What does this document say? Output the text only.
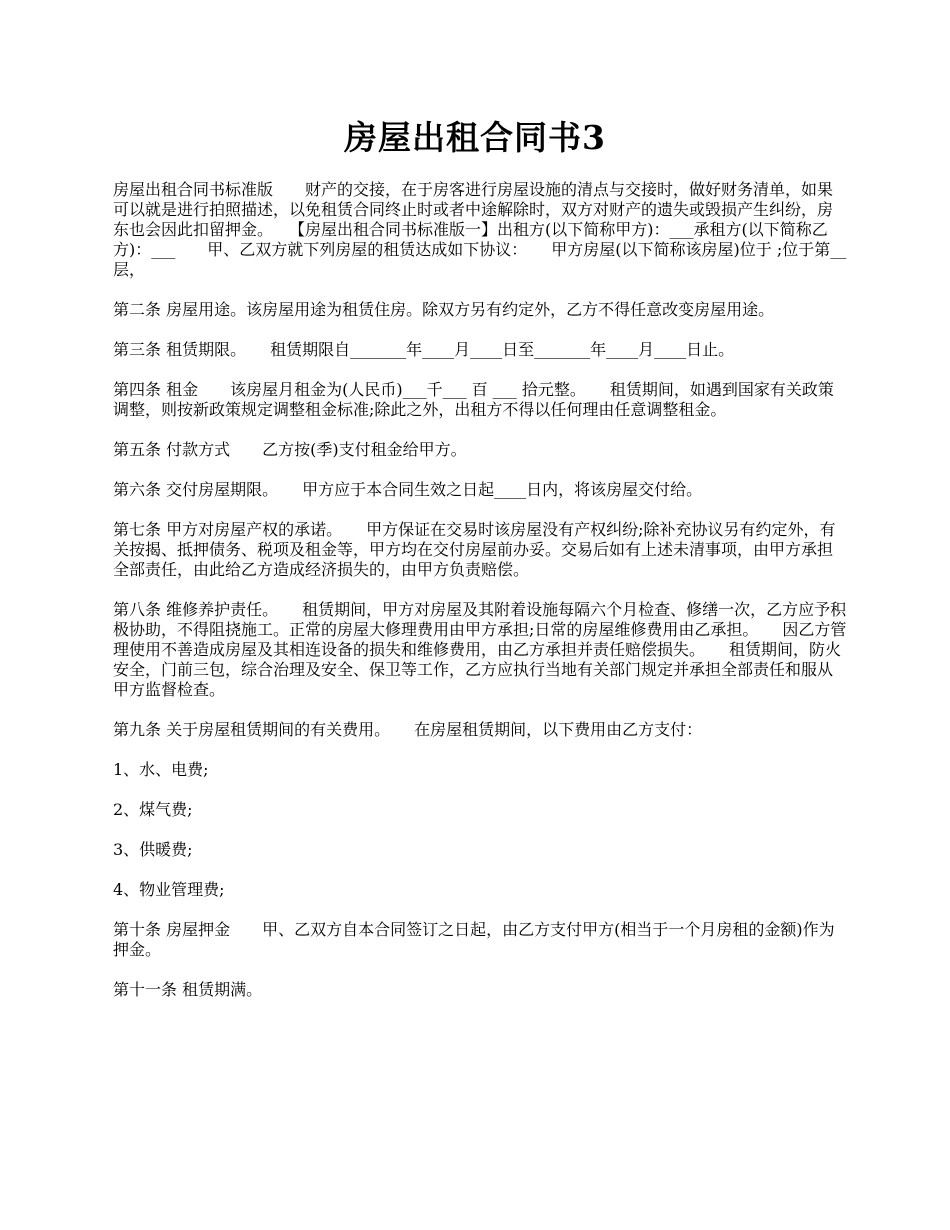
房屋出租合同书3

房屋出租合同书标准版　　财产的交接，在于房客进行房屋设施的清点与交接时，做好财务清单，如果可以就是进行拍照描述，以免租赁合同终止时或者中途解除时，双方对财产的遗失或毁损产生纠纷，房东也会因此扣留押金。　　【房屋出租合同书标准版一】出租方(以下简称甲方)：___承租方(以下简称乙方)：___　　甲、乙双方就下列房屋的租赁达成如下协议：　　甲方房屋(以下简称该房屋)位于 ;位于第__层，

第二条 房屋用途。该房屋用途为租赁住房。除双方另有约定外，乙方不得任意改变房屋用途。

第三条 租赁期限。　　租赁期限自_______年____月____日至_______年____月____日止。

第四条 租金　　该房屋月租金为(人民币)___千___ 百 ___ 拾元整。　　租赁期间，如遇到国家有关政策调整，则按新政策规定调整租金标准;除此之外，出租方不得以任何理由任意调整租金。

第五条 付款方式　　乙方按(季)支付租金给甲方。

第六条 交付房屋期限。　　甲方应于本合同生效之日起____日内，将该房屋交付给。

第七条 甲方对房屋产权的承诺。　　甲方保证在交易时该房屋没有产权纠纷;除补充协议另有约定外，有关按揭、抵押债务、税项及租金等，甲方均在交付房屋前办妥。交易后如有上述未清事项，由甲方承担全部责任，由此给乙方造成经济损失的，由甲方负责赔偿。

第八条 维修养护责任。　　租赁期间，甲方对房屋及其附着设施每隔六个月检查、修缮一次，乙方应予积极协助，不得阻挠施工。正常的房屋大修理费用由甲方承担;日常的房屋维修费用由乙承担。　　因乙方管理使用不善造成房屋及其相连设备的损失和维修费用，由乙方承担并责任赔偿损失。　　租赁期间，防火安全，门前三包，综合治理及安全、保卫等工作，乙方应执行当地有关部门规定并承担全部责任和服从甲方监督检查。

第九条 关于房屋租赁期间的有关费用。　　在房屋租赁期间，以下费用由乙方支付：

1、水、电费;

2、煤气费;

3、供暖费;

4、物业管理费;

第十条 房屋押金　　甲、乙双方自本合同签订之日起，由乙方支付甲方(相当于一个月房租的金额)作为押金。

第十一条 租赁期满。
